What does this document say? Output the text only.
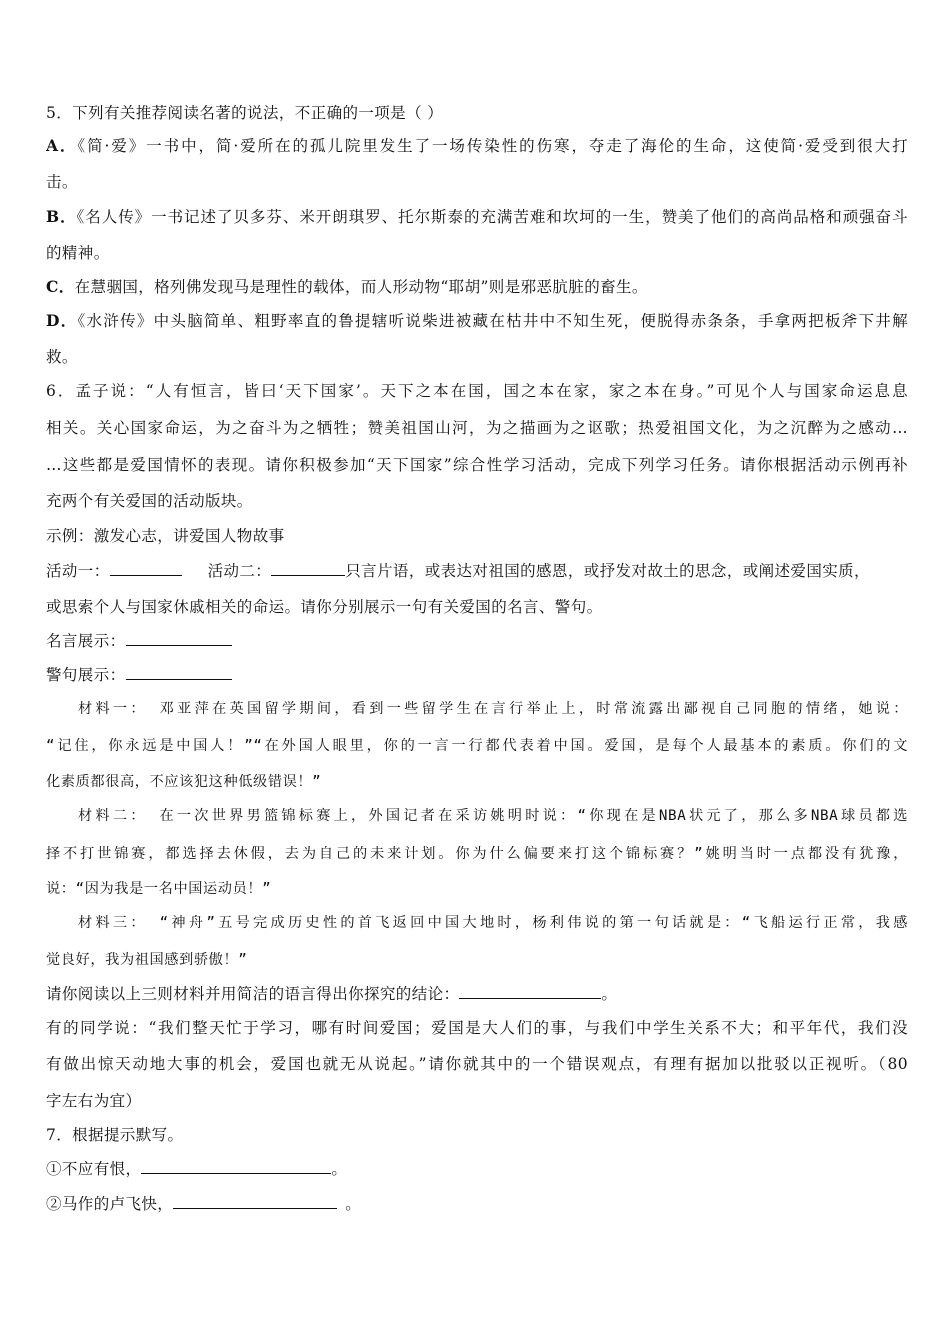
5．下列有关推荐阅读名著的说法，不正确的一项是（ ）
A．《简·爱》一书中，简·爱所在的孤儿院里发生了一场传染性的伤寒，夺走了海伦的生命，这使简·爱受到很大打
击。
B．《名人传》一书记述了贝多芬、米开朗琪罗、托尔斯泰的充满苦难和坎坷的一生，赞美了他们的高尚品格和顽强奋斗
的精神。
C．在慧骃国，格列佛发现马是理性的载体，而人形动物“耶胡”则是邪恶肮脏的畜生。
D．《水浒传》中头脑简单、粗野率直的鲁提辖听说柴进被藏在枯井中不知生死，便脱得赤条条，手拿两把板斧下井解
救。
6．孟子说：“人有恒言，皆曰‘天下国家’。天下之本在国，国之本在家，家之本在身。”可见个人与国家命运息息
相关。关心国家命运，为之奋斗为之牺牲；赞美祖国山河，为之描画为之讴歌；热爱祖国文化，为之沉醉为之感动…
…这些都是爱国情怀的表现。请你积极参加“天下国家”综合性学习活动，完成下列学习任务。请你根据活动示例再补
充两个有关爱国的活动版块。
示例：激发心志，讲爱国人物故事
活动一：	活动二：	只言片语，或表达对祖国的感恩，或抒发对故土的思念，或阐述爱国实质，
或思索个人与国家休戚相关的命运。请你分别展示一句有关爱国的名言、警句。
名言展示：
警句展示：
材料一： 邓亚萍在英国留学期间，看到一些留学生在言行举止上，时常流露出鄙视自己同胞的情绪，她说：
“记住，你永远是中国人！”“在外国人眼里，你的一言一行都代表着中国。爱国，是每个人最基本的素质。你们的文
化素质都很高，不应该犯这种低级错误！”
材料二： 在一次世界男篮锦标赛上，外国记者在采访姚明时说：“你现在是NBA状元了，那么多NBA球员都选
择不打世锦赛，都选择去休假，去为自己的未来计划。你为什么偏要来打这个锦标赛？”姚明当时一点都没有犹豫，
说：“因为我是一名中国运动员！”
材料三： “神舟”五号完成历史性的首飞返回中国大地时，杨利伟说的第一句话就是：“飞船运行正常，我感
觉良好，我为祖国感到骄傲！”
请你阅读以上三则材料并用简洁的语言得出你探究的结论：	。
有的同学说：“我们整天忙于学习，哪有时间爱国；爱国是大人们的事，与我们中学生关系不大；和平年代，我们没
有做出惊天动地大事的机会，爱国也就无从说起。”请你就其中的一个错误观点，有理有据加以批驳以正视听。（80
字左右为宜）
7．根据提示默写。
①不应有恨，	。
②马作的卢飞快，	。
